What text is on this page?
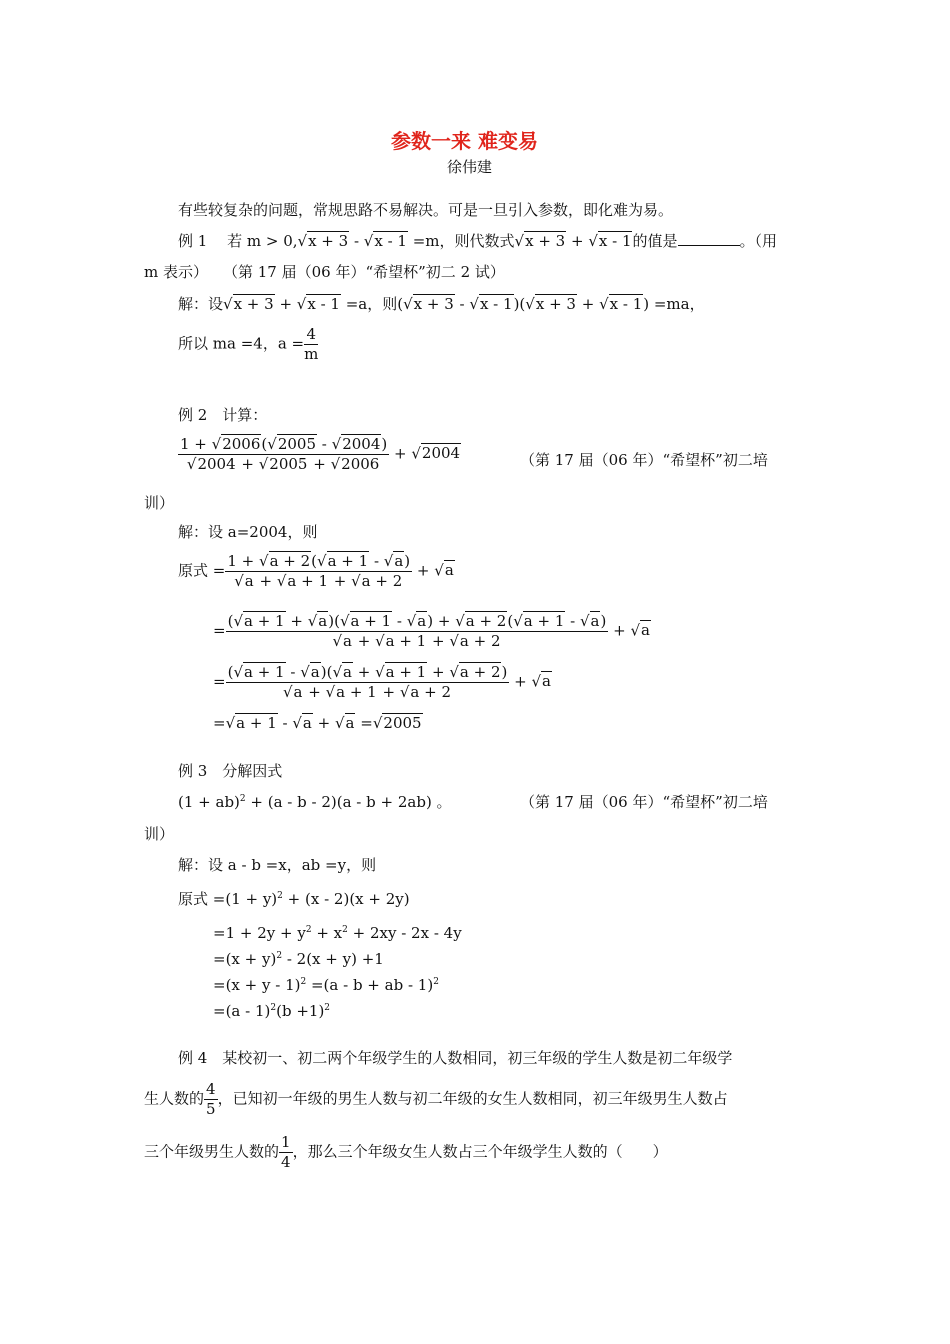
参数一来 难变易
徐伟建
有些较复杂的问题，常规思路不易解决。可是一旦引入参数，即化难为易。
例 1　 若 m > 0,√x + 3 - √x - 1 =m，则代数式√x + 3 + √x - 1的值是	。（用
m 表示）　　（第 17 届（06 年）“希望杯”初二 2 试）
解：设√x + 3 + √x - 1 =a，则(√x + 3 - √x - 1)(√x + 3 + √x - 1) =ma，
所以 ma =4，$a = \frac{4}{m}$
例 2　计算：
$\frac{1 + √2006(√2005 - √2004)}{√2004 + √2005 + √2006} + √2004$	（第 17 届（06 年）“希望杯”初二培
训）
解：设 a=2004，则
原式 = $\frac{1 + √a + 2(√a + 1 - √a)}{√a + √a + 1 + √a + 2} + √a$
= $\frac{(√a + 1 + √a)(√a + 1 - √a) + √a + 2(√a + 1 - √a)}{√a + √a + 1 + √a + 2} + √a$
= $\frac{(√a + 1 - √a)(√a + √a + 1 + √a + 2)}{√a + √a + 1 + √a + 2} + √a$
=√a + 1 - √a + √a =√2005
例 3　分解因式
(1 + ab)$^2$ + (a - b - 2)(a - b + 2ab) 。	（第 17 届（06 年）“希望杯”初二培
训）
解：设 a - b =x，ab =y，则
原式 $=(1 + y)^2 + (x - 2)(x + 2y)$
$=1 + 2y + y^2 + x^2 + 2xy - 2x - 4y$
$=(x + y)^2 - 2(x + y) +1$
$=(x + y - 1)^2 =(a - b$ + ab - 1)$^2$
$=(a - 1)^2(b +1)^2$
例 4　某校初一、初二两个年级学生的人数相同，初三年级的学生人数是初二年级学
生人数的 $\frac{4}{5}$ ，已知初一年级的男生人数与初二年级的女生人数相同，初三年级男生人数占
三个年级男生人数的 $\frac{1}{4}$ ，那么三个年级女生人数占三个年级学生人数的（　　）
